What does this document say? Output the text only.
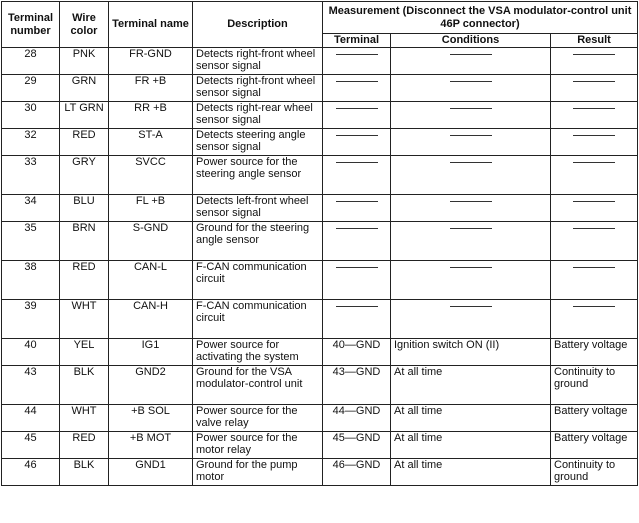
Terminal number	Wire color	Terminal name	Description	Measurement (Disconnect the VSA modulator-control unit 46P connector)		
				Terminal	Conditions	Result
28	PNK	FR-GND	Detects right-front wheel sensor signal	

29	GRN	FR +B	Detects right-front wheel sensor signal	

30	LT GRN	RR +B	Detects right-rear wheel sensor signal	

32	RED	ST-A	Detects steering angle sensor signal	

33	GRY	SVCC	Power source for the steering angle sensor	

34	BLU	FL +B	Detects left-front wheel sensor signal	

35	BRN	S-GND	Ground for the steering angle sensor	

38	RED	CAN-L	F-CAN communication circuit	

39	WHT	CAN-H	F-CAN communication circuit	

40	YEL	IG1	Power source for activating the system	40—GND	Ignition switch ON (II)	Battery voltage
43	BLK	GND2	Ground for the VSA modulator-control unit	43—GND	At all time	Continuity to ground
44	WHT	+B SOL	Power source for the valve relay	44—GND	At all time	Battery voltage
45	RED	+B MOT	Power source for the motor relay	45—GND	At all time	Battery voltage
46	BLK	GND1	Ground for the pump motor	46—GND	At all time	Continuity to ground
